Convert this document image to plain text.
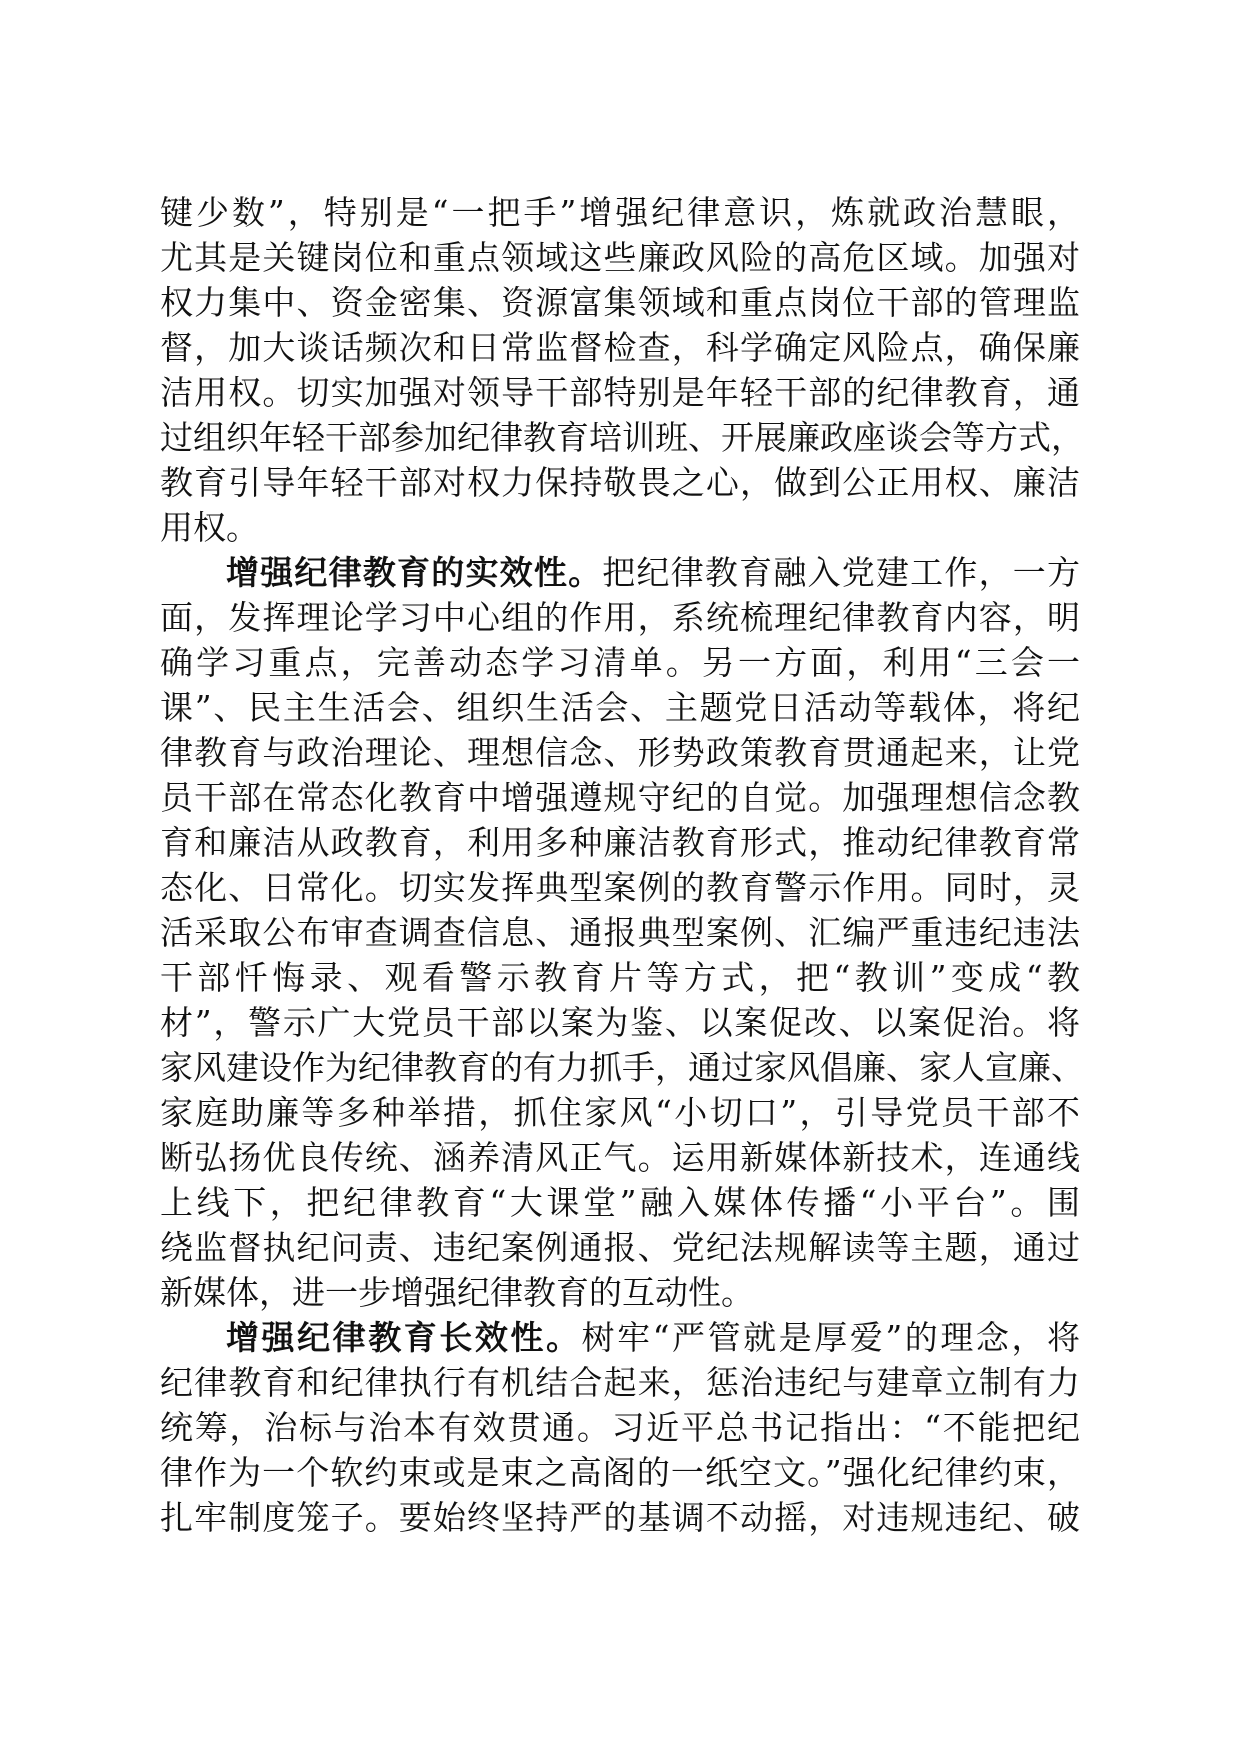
键少数”，特别是“一把手”增强纪律意识，炼就政治慧眼，
尤其是关键岗位和重点领域这些廉政风险的高危区域。加强对
权力集中、资金密集、资源富集领域和重点岗位干部的管理监
督，加大谈话频次和日常监督检查，科学确定风险点，确保廉
洁用权。切实加强对领导干部特别是年轻干部的纪律教育，通
过组织年轻干部参加纪律教育培训班、开展廉政座谈会等方式，
教育引导年轻干部对权力保持敬畏之心，做到公正用权、廉洁
用权。
增强纪律教育的实效性。把纪律教育融入党建工作，一方
面，发挥理论学习中心组的作用，系统梳理纪律教育内容，明
确学习重点，完善动态学习清单。另一方面，利用“三会一
课”、民主生活会、组织生活会、主题党日活动等载体，将纪
律教育与政治理论、理想信念、形势政策教育贯通起来，让党
员干部在常态化教育中增强遵规守纪的自觉。加强理想信念教
育和廉洁从政教育，利用多种廉洁教育形式，推动纪律教育常
态化、日常化。切实发挥典型案例的教育警示作用。同时，灵
活采取公布审查调查信息、通报典型案例、汇编严重违纪违法
干部忏悔录、观看警示教育片等方式，把“教训”变成“教
材”，警示广大党员干部以案为鉴、以案促改、以案促治。将
家风建设作为纪律教育的有力抓手，通过家风倡廉、家人宣廉、
家庭助廉等多种举措，抓住家风“小切口”，引导党员干部不
断弘扬优良传统、涵养清风正气。运用新媒体新技术，连通线
上线下，把纪律教育“大课堂”融入媒体传播“小平台”。围
绕监督执纪问责、违纪案例通报、党纪法规解读等主题，通过
新媒体，进一步增强纪律教育的互动性。
增强纪律教育长效性。树牢“严管就是厚爱”的理念，将
纪律教育和纪律执行有机结合起来，惩治违纪与建章立制有力
统筹，治标与治本有效贯通。习近平总书记指出：“不能把纪
律作为一个软约束或是束之高阁的一纸空文。”强化纪律约束，
扎牢制度笼子。要始终坚持严的基调不动摇，对违规违纪、破
